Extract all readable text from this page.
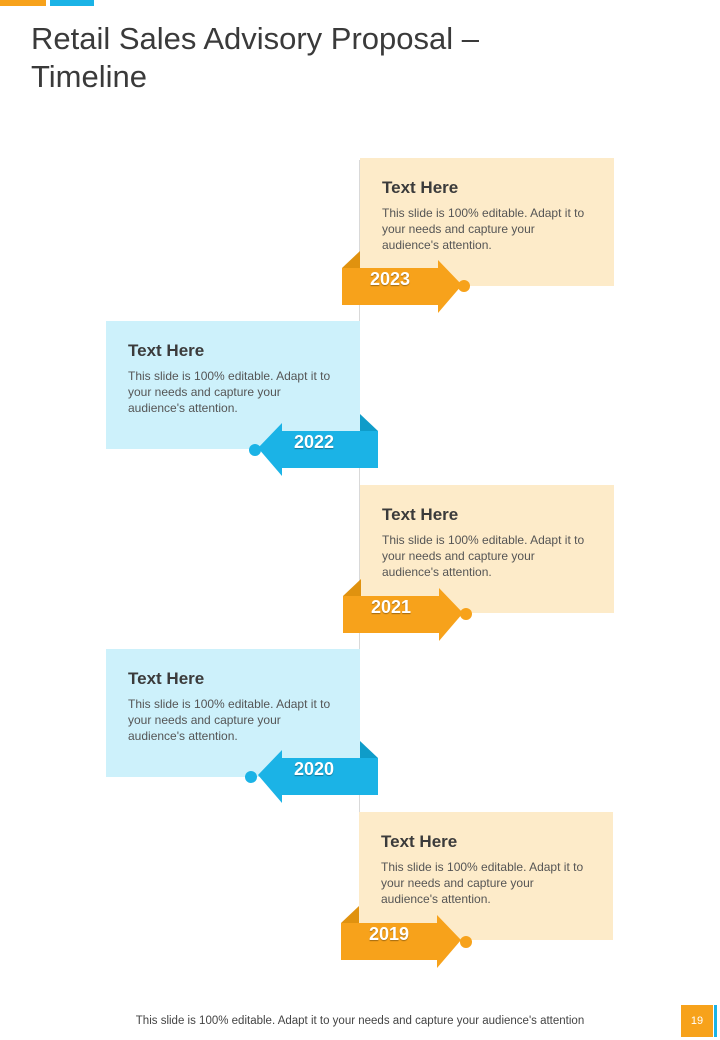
Retail Sales Advisory Proposal – Timeline
Text Here
This slide is 100% editable. Adapt it to your needs and capture your audience's attention.
2023
Text Here
This slide is 100% editable. Adapt it to your needs and capture your audience's attention.
2022
Text Here
This slide is 100% editable. Adapt it to your needs and capture your audience's attention.
2021
Text Here
This slide is 100% editable. Adapt it to your needs and capture your audience's attention.
2020
Text Here
This slide is 100% editable. Adapt it to your needs and capture your audience's attention.
2019
This slide is 100% editable. Adapt it to your needs and capture your audience's attention	19
